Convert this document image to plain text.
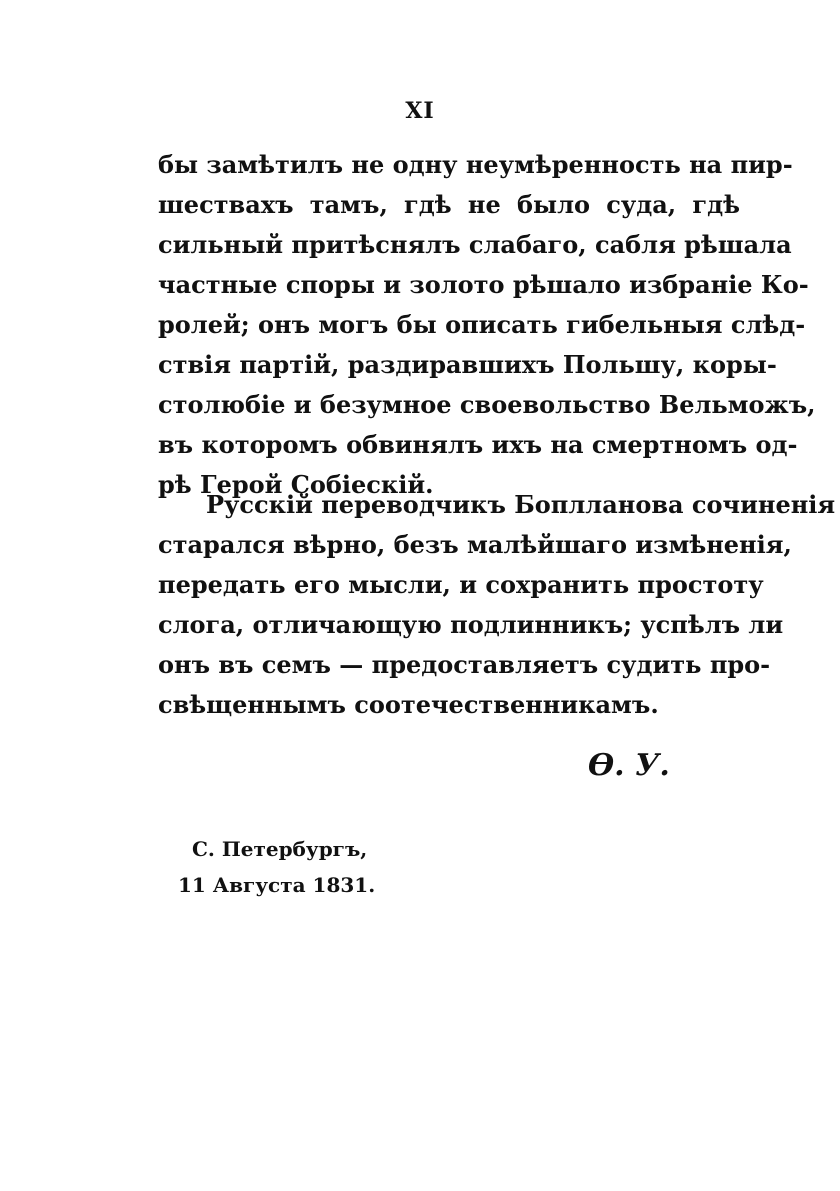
XI
бы замѣтилъ не одну неумѣренность на пир-
шествахъ тамъ, гдѣ не было суда, гдѣ
сильный притѣснялъ слабаго, сабля рѣшала
частные споры и золото рѣшало избраніе Ко-
ролей; онъ могъ бы описать гибельныя слѣд-
ствія партій, раздиравшихъ Польшу, коры-
столюбіе и безумное своевольство Вельможъ,
въ которомъ обвинялъ ихъ на смертномъ од-
рѣ Герой Собіескій.
Русскій переводчикъ Боплланова сочиненія
старался вѣрно, безъ малѣйшаго измѣненія,
передать его мысли, и сохранить простоту
слога, отличающую подлинникъ; успѣлъ ли
онъ въ семъ — предоставляетъ судить про-
свѣщеннымъ соотечественникамъ.
Ѳ. У.
С. Петербургъ,
11 Августа 1831.
